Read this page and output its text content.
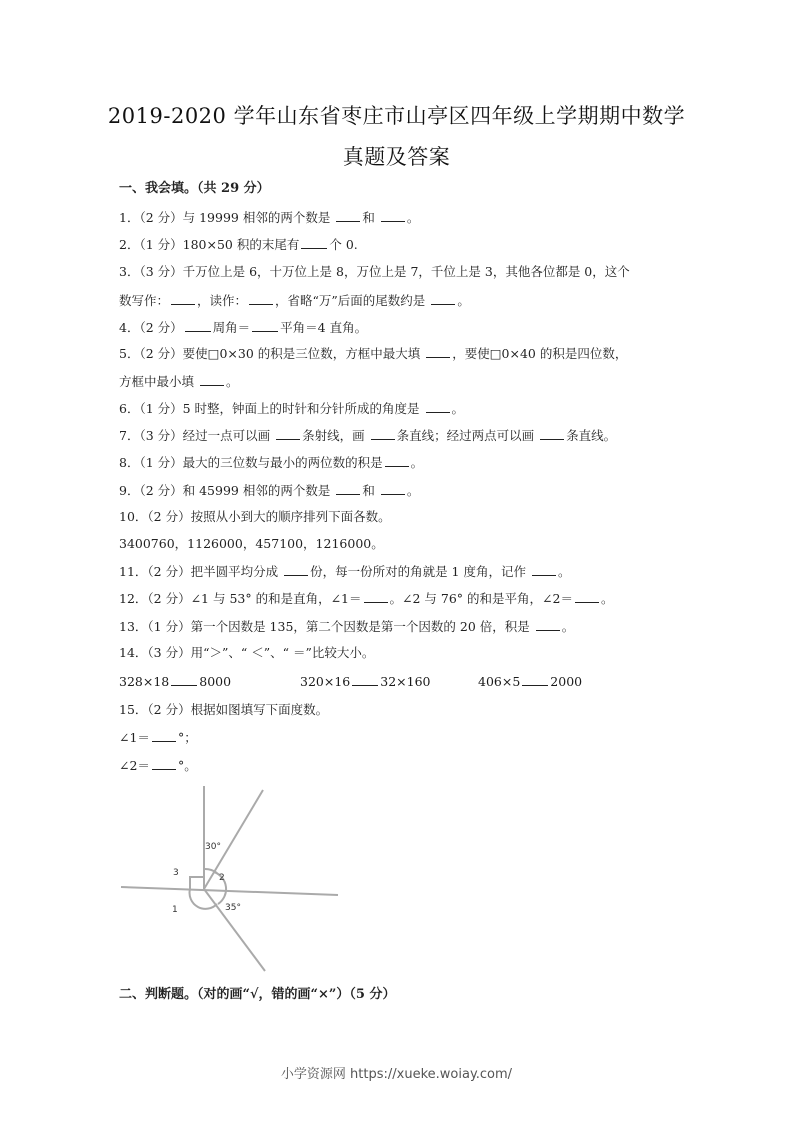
2019-2020 学年山东省枣庄市山亭区四年级上学期期中数学
真题及答案
一、我会填。（共 29 分）
1．（2 分）与 19999 相邻的两个数是	和	。
2．（1 分）180×50 积的末尾有 个 0.
3．（3 分）千万位上是 6，十万位上是 8，万位上是 7，千位上是 3，其他各位都是 0，这个
数写作： ，读作： ，省略“万”后面的尾数约是	。
4．（2 分） 周角＝ 平角＝4 直角。
5．（2 分）要使□0×30 的积是三位数，方框中最大填	，要使□0×40 的积是四位数，
方框中最小填	。
6．（1 分）5 时整，钟面上的时针和分针所成的角度是	。
7．（3 分）经过一点可以画	条射线，画	条直线；经过两点可以画	条直线。
8．（1 分）最大的三位数与最小的两位数的积是 。
9．（2 分）和 45999 相邻的两个数是	和	。
10．（2 分）按照从小到大的顺序排列下面各数。
3400760，1126000，457100，1216000。
11．（2 分）把半圆平均分成	份，每一份所对的角就是 1 度角，记作	。
12．（2 分）∠1 与 53° 的和是直角，∠1＝ 。∠2 与 76° 的和是平角，∠2＝ 。
13．（1 分）第一个因数是 135，第二个因数是第一个因数的 20 倍，积是	。
14．（3 分）用“＞”、“ ＜”、“ ＝”比较大小。
328×18 8000	320×16 32×160	406×5 2000
15．（2 分）根据如图填写下面度数。
∠1＝ °；
∠2＝ °。
30°
3	2
1	35°
二、判断题。（对的画“√，错的画“×”）（5 分）
小学资源网 https://xueke.woiay.com/
